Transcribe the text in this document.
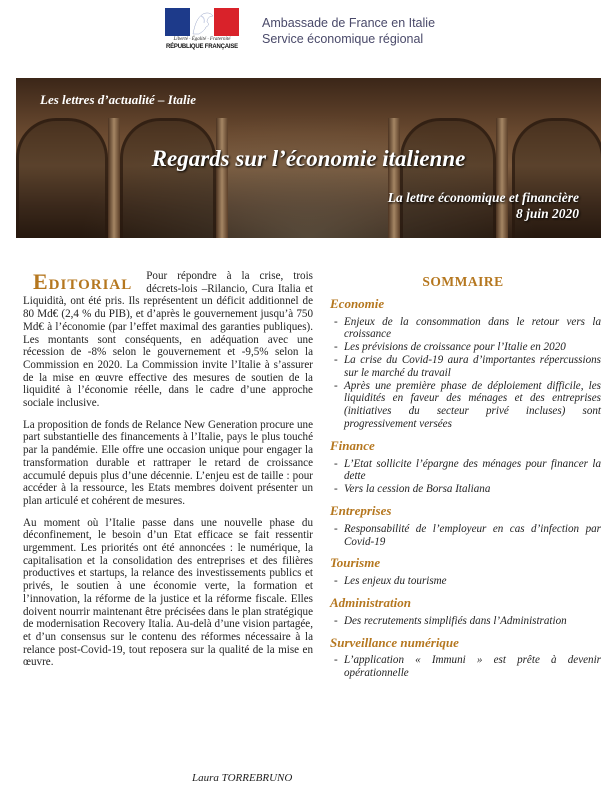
Liberté · Égalité · Fraternité
RÉPUBLIQUE FRANÇAISE
Ambassade de France en Italie
Service économique régional
Les lettres d’actualité – Italie
Regards sur l’économie italienne
La lettre économique et financière
8 juin 2020
Editorial	Pour répondre à la crise, trois décrets-lois –Rilancio, Cura Italia et Liquidità, ont été pris. Ils représentent un déficit additionnel de 80 Md€ (2,4 % du PIB), et d’après le gouvernement jusqu’à 750 Md€ à l’économie (par l’effet maximal des garanties publiques). Les montants sont conséquents, en adéquation avec une récession de -8% selon le gouvernement et -9,5% selon la Commission en 2020. La Commission invite l’Italie à s’assurer de la mise en œuvre effective des mesures de soutien de la liquidité à l’économie réelle, dans le cadre d’une approche sociale inclusive.

La proposition de fonds de Relance New Generation procure une part substantielle des financements à l’Italie, pays le plus touché par la pandémie. Elle offre une occasion unique pour engager la transformation durable et rattraper le retard de croissance accumulé depuis plus d’une décennie. L’enjeu est de taille : pour accéder à la ressource, les Etats membres doivent présenter un plan articulé et cohérent de mesures.

Au moment où l’Italie passe dans une nouvelle phase du déconfinement, le besoin d’un Etat efficace se fait ressentir urgemment. Les priorités ont été annoncées : le numérique, la capitalisation et la consolidation des entreprises et des filières productives et startups, la relance des investissements publics et privés, le soutien à une économie verte, la formation et l’innovation, la réforme de la justice et la réforme fiscale. Elles doivent nourrir maintenant être précisées dans le plan stratégique de modernisation Recovery Italia. Au-delà d’une vision partagée, et d’un consensus sur le contenu des réformes nécessaire à la relance post-Covid-19, tout reposera sur la qualité de la mise en œuvre.

Laura TORREBRUNO
SOMMAIRE
Economie
- Enjeux de la consommation dans le retour vers la croissance
- Les prévisions de croissance pour l’Italie en 2020
- La crise du Covid-19 aura d’importantes répercussions sur le marché du travail
- Après une première phase de déploiement difficile, les liquidités en faveur des ménages et des entreprises (initiatives du secteur privé incluses) sont progressivement versées
Finance
- L’Etat sollicite l’épargne des ménages pour financer la dette
- Vers la cession de Borsa Italiana
Entreprises
- Responsabilité de l’employeur en cas d’infection par Covid-19
Tourisme
- Les enjeux du tourisme
Administration
- Des recrutements simplifiés dans l’Administration
Surveillance numérique
- L’application « Immuni » est prête à devenir opérationnelle
